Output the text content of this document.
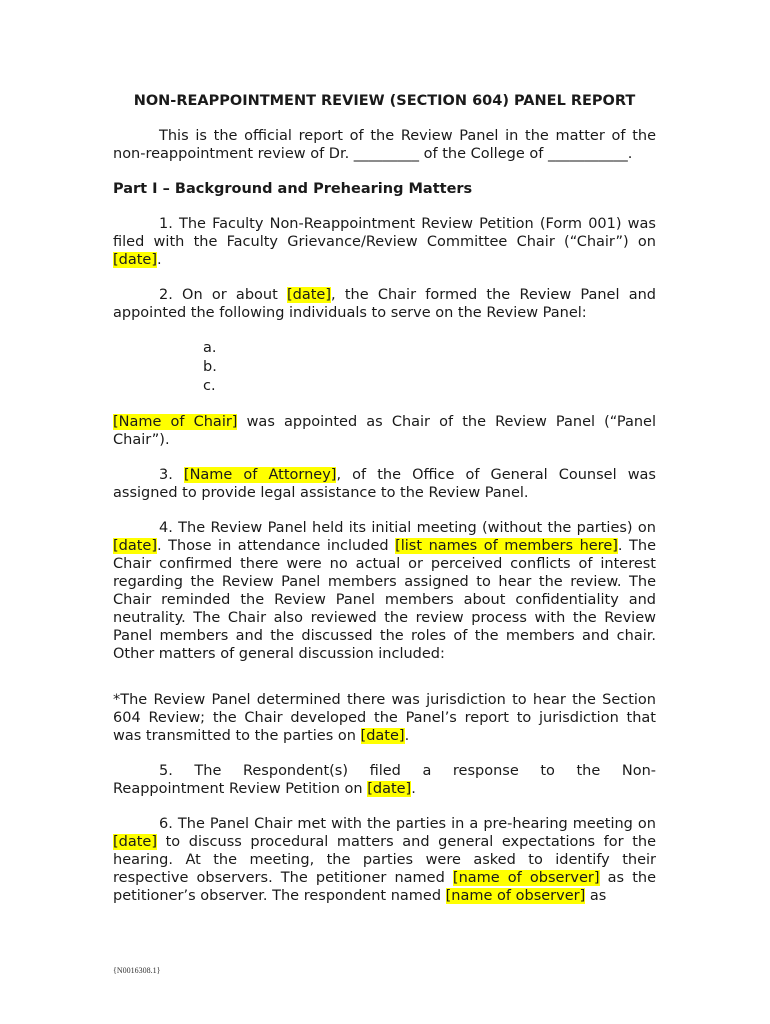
NON-REAPPOINTMENT REVIEW (SECTION 604) PANEL REPORT

This is the official report of the Review Panel in the matter of the non-reappointment review of Dr. _________ of the College of ___________.

Part I – Background and Prehearing Matters

1. The Faculty Non-Reappointment Review Petition (Form 001) was filed with the Faculty Grievance/Review Committee Chair (“Chair”) on [date].

2. On or about [date], the Chair formed the Review Panel and appointed the following individuals to serve on the Review Panel:

a.
b.
c.

[Name of Chair] was appointed as Chair of the Review Panel (“Panel Chair”).

3. [Name of Attorney], of the Office of General Counsel was assigned to provide legal assistance to the Review Panel.

4. The Review Panel held its initial meeting (without the parties) on [date]. Those in attendance included [list names of members here]. The Chair confirmed there were no actual or perceived conflicts of interest regarding the Review Panel members assigned to hear the review. The Chair reminded the Review Panel members about confidentiality and neutrality. The Chair also reviewed the review process with the Review Panel members and the discussed the roles of the members and chair. Other matters of general discussion included:

*The Review Panel determined there was jurisdiction to hear the Section 604 Review; the Chair developed the Panel’s report to jurisdiction that was transmitted to the parties on [date].

5. The Respondent(s) filed a response to the Non-

Reappointment Review Petition on [date].

6. The Panel Chair met with the parties in a pre-hearing meeting on [date] to discuss procedural matters and general expectations for the hearing. At the meeting, the parties were asked to identify their respective observers. The petitioner named [name of observer] as the petitioner’s observer. The respondent named [name of observer] as

{N0016308.1}
